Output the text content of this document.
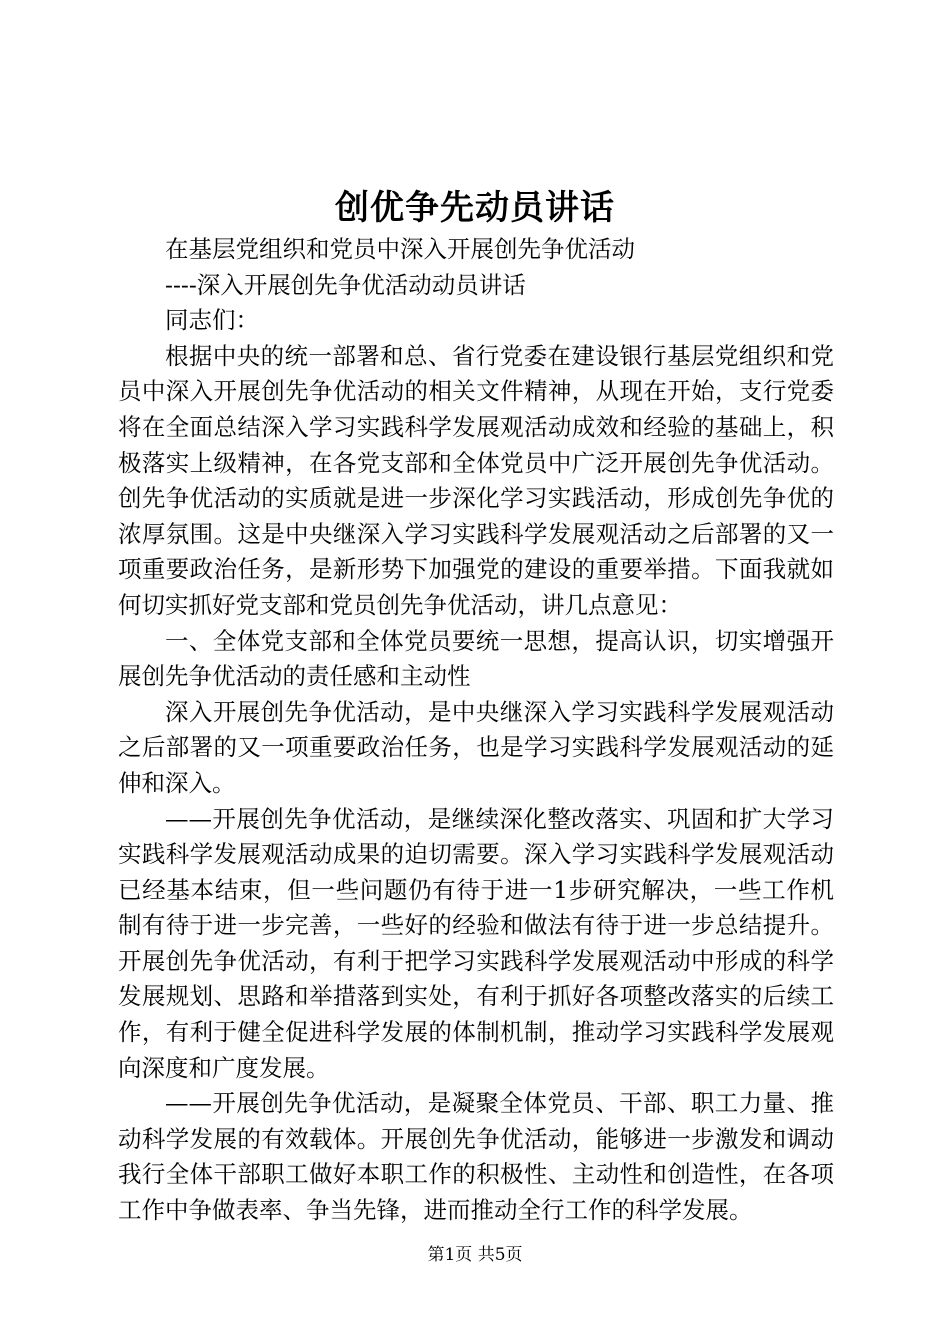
创优争先动员讲话

在基层党组织和党员中深入开展创先争优活动

----深入开展创先争优活动动员讲话

同志们：

根据中央的统一部署和总、省行党委在建设银行基层党组织和党员中深入开展创先争优活动的相关文件精神，从现在开始，支行党委将在全面总结深入学习实践科学发展观活动成效和经验的基础上，积极落实上级精神，在各党支部和全体党员中广泛开展创先争优活动。创先争优活动的实质就是进一步深化学习实践活动，形成创先争优的浓厚氛围。这是中央继深入学习实践科学发展观活动之后部署的又一项重要政治任务，是新形势下加强党的建设的重要举措。下面我就如何切实抓好党支部和党员创先争优活动，讲几点意见：

一、全体党支部和全体党员要统一思想，提高认识，切实增强开展创先争优活动的责任感和主动性

深入开展创先争优活动，是中央继深入学习实践科学发展观活动之后部署的又一项重要政治任务，也是学习实践科学发展观活动的延伸和深入。

——开展创先争优活动，是继续深化整改落实、巩固和扩大学习实践科学发展观活动成果的迫切需要。深入学习实践科学发展观活动已经基本结束，但一些问题仍有待于进一1步研究解决，一些工作机制有待于进一步完善，一些好的经验和做法有待于进一步总结提升。开展创先争优活动，有利于把学习实践科学发展观活动中形成的科学发展规划、思路和举措落到实处，有利于抓好各项整改落实的后续工作，有利于健全促进科学发展的体制机制，推动学习实践科学发展观向深度和广度发展。

——开展创先争优活动，是凝聚全体党员、干部、职工力量、推动科学发展的有效载体。开展创先争优活动，能够进一步激发和调动我行全体干部职工做好本职工作的积极性、主动性和创造性，在各项工作中争做表率、争当先锋，进而推动全行工作的科学发展。

第1页 共5页
